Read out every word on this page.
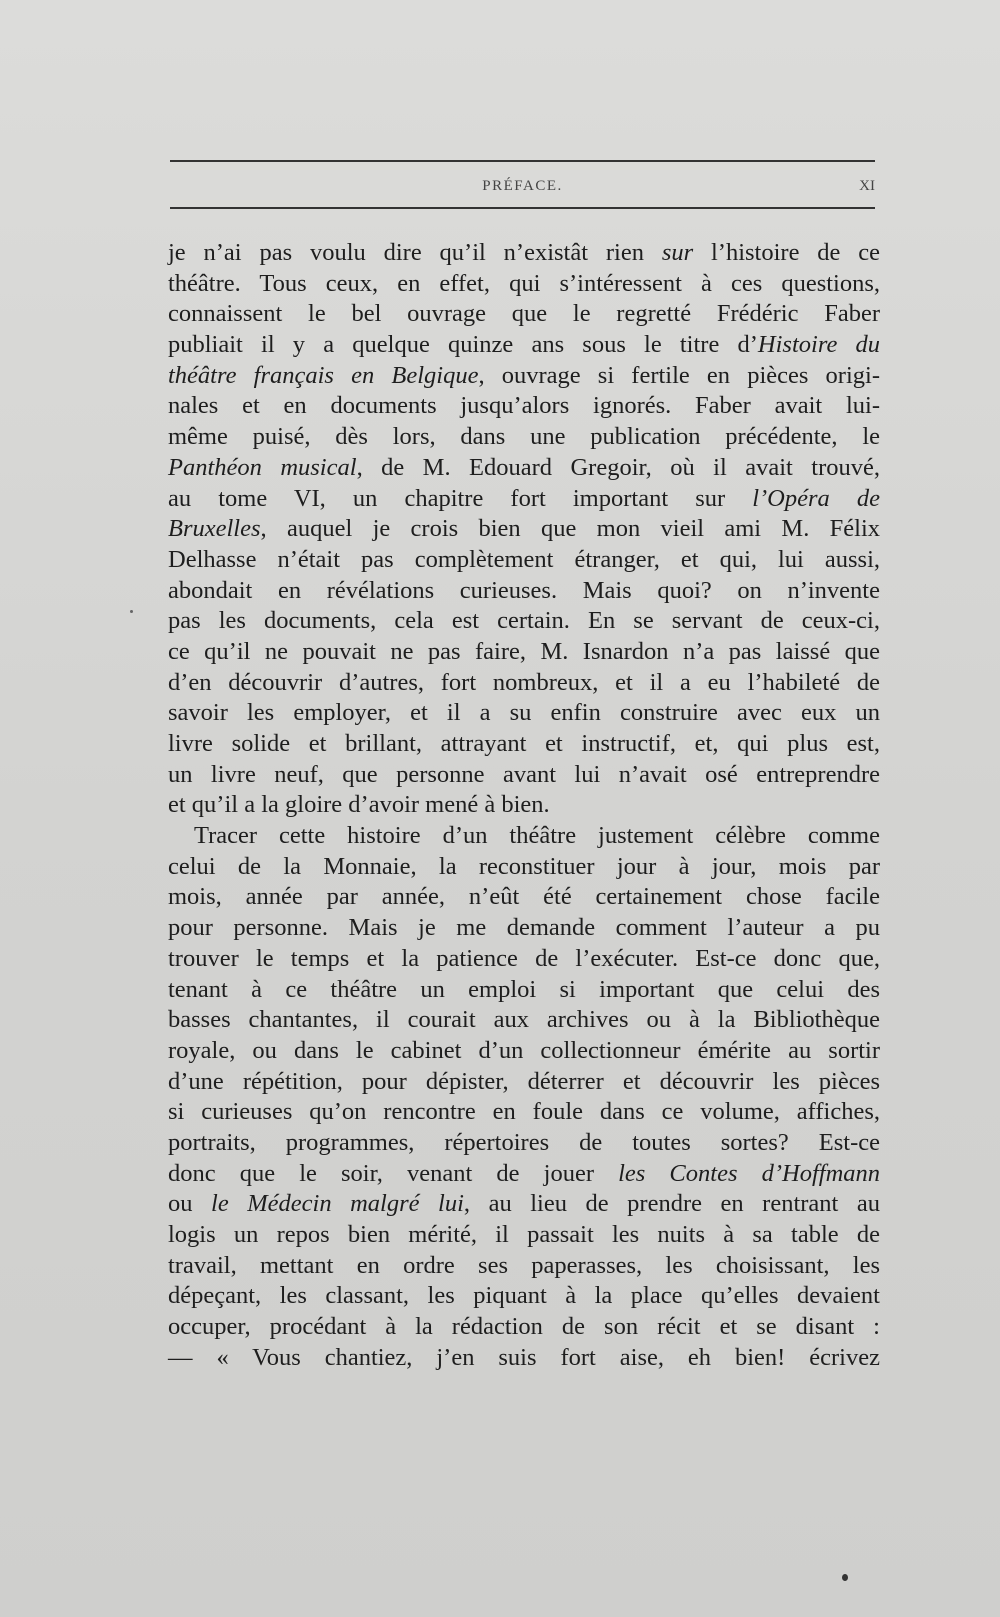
PRÉFACE.	XI
je n’ai pas voulu dire qu’il n’existât rien sur l’histoire de ce
théâtre. Tous ceux, en effet, qui s’intéressent à ces questions,
connaissent le bel ouvrage que le regretté Frédéric Faber
publiait il y a quelque quinze ans sous le titre d’Histoire du
théâtre français en Belgique, ouvrage si fertile en pièces origi-
nales et en documents jusqu’alors ignorés. Faber avait lui-
même puisé, dès lors, dans une publication précédente, le
Panthéon musical, de M. Edouard Gregoir, où il avait trouvé,
au tome VI, un chapitre fort important sur l’Opéra de
Bruxelles, auquel je crois bien que mon vieil ami M. Félix
Delhasse n’était pas complètement étranger, et qui, lui aussi,
abondait en révélations curieuses. Mais quoi? on n’invente
pas les documents, cela est certain. En se servant de ceux-ci,
ce qu’il ne pouvait ne pas faire, M. Isnardon n’a pas laissé que
d’en découvrir d’autres, fort nombreux, et il a eu l’habileté de
savoir les employer, et il a su enfin construire avec eux un
livre solide et brillant, attrayant et instructif, et, qui plus est,
un livre neuf, que personne avant lui n’avait osé entreprendre
et qu’il a la gloire d’avoir mené à bien.
Tracer cette histoire d’un théâtre justement célèbre comme
celui de la Monnaie, la reconstituer jour à jour, mois par
mois, année par année, n’eût été certainement chose facile
pour personne. Mais je me demande comment l’auteur a pu
trouver le temps et la patience de l’exécuter. Est-ce donc que,
tenant à ce théâtre un emploi si important que celui des
basses chantantes, il courait aux archives ou à la Bibliothèque
royale, ou dans le cabinet d’un collectionneur émérite au sortir
d’une répétition, pour dépister, déterrer et découvrir les pièces
si curieuses qu’on rencontre en foule dans ce volume, affiches,
portraits, programmes, répertoires de toutes sortes? Est-ce
donc que le soir, venant de jouer les Contes d’Hoffmann
ou le Médecin malgré lui, au lieu de prendre en rentrant au
logis un repos bien mérité, il passait les nuits à sa table de
travail, mettant en ordre ses paperasses, les choisissant, les
dépeçant, les classant, les piquant à la place qu’elles devaient
occuper, procédant à la rédaction de son récit et se disant :
— « Vous chantiez, j’en suis fort aise, eh bien! écrivez
